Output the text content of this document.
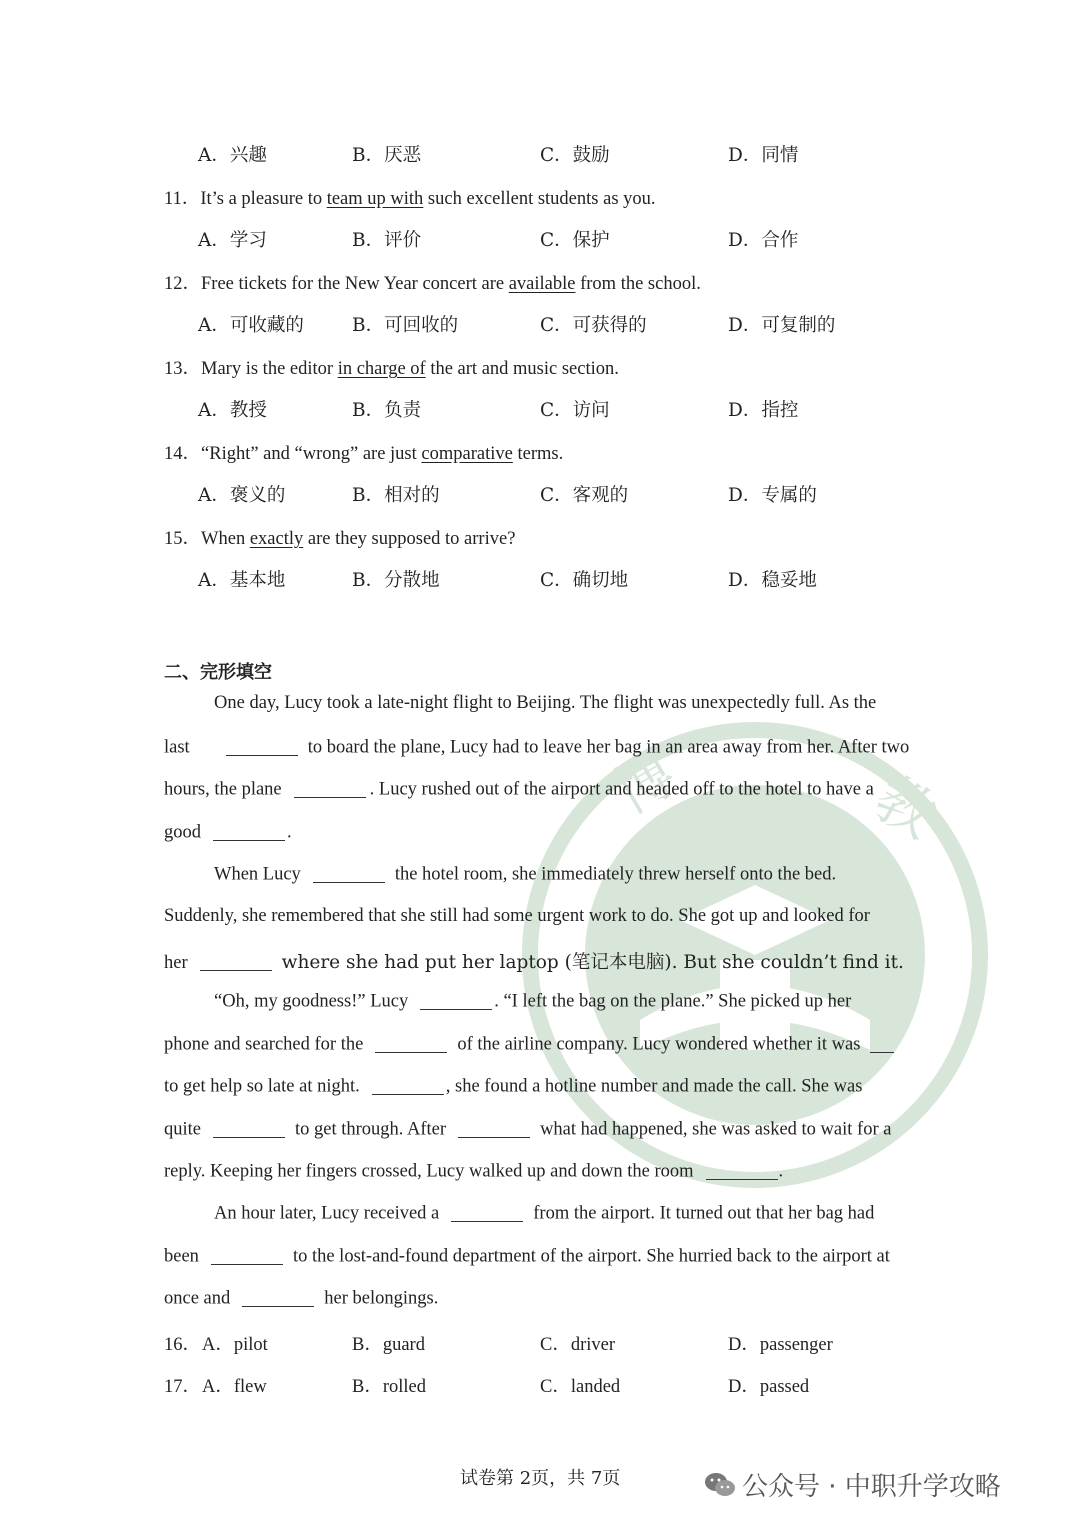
博	教
A．兴趣	B．厌恶	C．鼓励	D．同情
11．It’s a pleasure to team up with such excellent students as you.
A．学习	B．评价	C．保护	D．合作
12．Free tickets for the New Year concert are available from the school.
A．可收藏的	B．可回收的	C．可获得的	D．可复制的
13．Mary is the editor in charge of the art and music section.
A．教授	B．负责	C．访问	D．指控
14．“Right” and “wrong” are just comparative terms.
A．褒义的	B．相对的	C．客观的	D．专属的
15．When exactly are they supposed to arrive?
A．基本地	B．分散地	C．确切地	D．稳妥地
二、完形填空
One day, Lucy took a late-night flight to Beijing. The flight was unexpectedly full. As the
last	to board the plane, Lucy had to leave her bag in an area away from her. After two
hours, the plane	. Lucy rushed out of the airport and headed off to the hotel to have a
good	.
When Lucy	the hotel room, she immediately threw herself onto the bed.
Suddenly, she remembered that she still had some urgent work to do. She got up and looked for
her	where she had put her laptop (笔记本电脑). But she couldn’t find it.
“Oh, my goodness!” Lucy	. “I left the bag on the plane.” She picked up her
phone and searched for the	of the airline company. Lucy wondered whether it was
to get help so late at night.	, she found a hotline number and made the call. She was
quite	to get through. After	what had happened, she was asked to wait for a
reply. Keeping her fingers crossed, Lucy walked up and down the room	.
An hour later, Lucy received a	from the airport. It turned out that her bag had
been	to the lost-and-found department of the airport. She hurried back to the airport at
once and	her belongings.
16． A．pilot	B．guard	C．driver	D．passenger
17． A．flew	B．rolled	C．landed	D．passed
试卷第 2页，共 7页	公众号 · 中职升学攻略
